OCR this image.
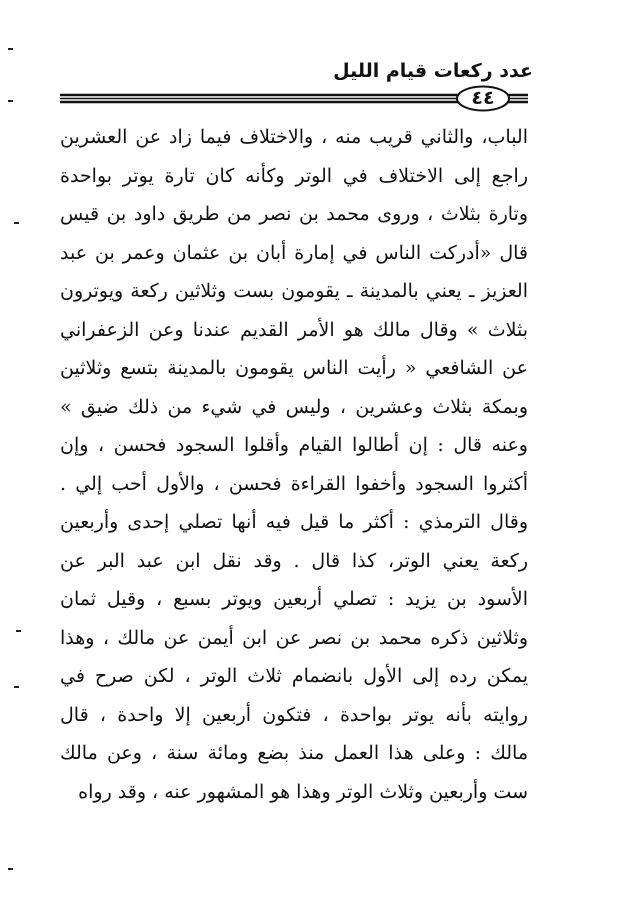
عدد ركعات قيام الليل
٤٤
الباب، والثاني قريب منه ، والاختلاف فيما زاد عن العشرين
راجع إلى الاختلاف في الوتر وكأنه كان تارة يوتر بواحدة
وتارة بثلاث ، وروى محمد بن نصر من طريق داود بن قيس
قال «أدركت الناس في إمارة أبان بن عثمان وعمر بن عبد
العزيز ـ يعني بالمدينة ـ يقومون بست وثلاثين ركعة ويوترون
بثلاث » وقال مالك هو الأمر القديم عندنا وعن الزعفراني
عن الشافعي « رأيت الناس يقومون بالمدينة بتسع وثلاثين
وبمكة بثلاث وعشرين ، وليس في شيء من ذلك ضيق »
وعنه قال : إن أطالوا القيام وأقلوا السجود فحسن ، وإن
أكثروا السجود وأخفوا القراءة فحسن ، والأول أحب إلي .
وقال الترمذي : أكثر ما قيل فيه أنها تصلي إحدى وأربعين
ركعة يعني الوتر، كذا قال . وقد نقل ابن عبد البر عن
الأسود بن يزيد : تصلي أربعين ويوتر بسبع ، وقيل ثمان
وثلاثين ذكره محمد بن نصر عن ابن أيمن عن مالك ، وهذا
يمكن رده إلى الأول بانضمام ثلاث الوتر ، لكن صرح في
روايته بأنه يوتر بواحدة ، فتكون أربعين إلا واحدة ، قال
مالك : وعلى هذا العمل منذ بضع ومائة سنة ، وعن مالك
ست وأربعين وثلاث الوتر وهذا هو المشهور عنه ، وقد رواه
